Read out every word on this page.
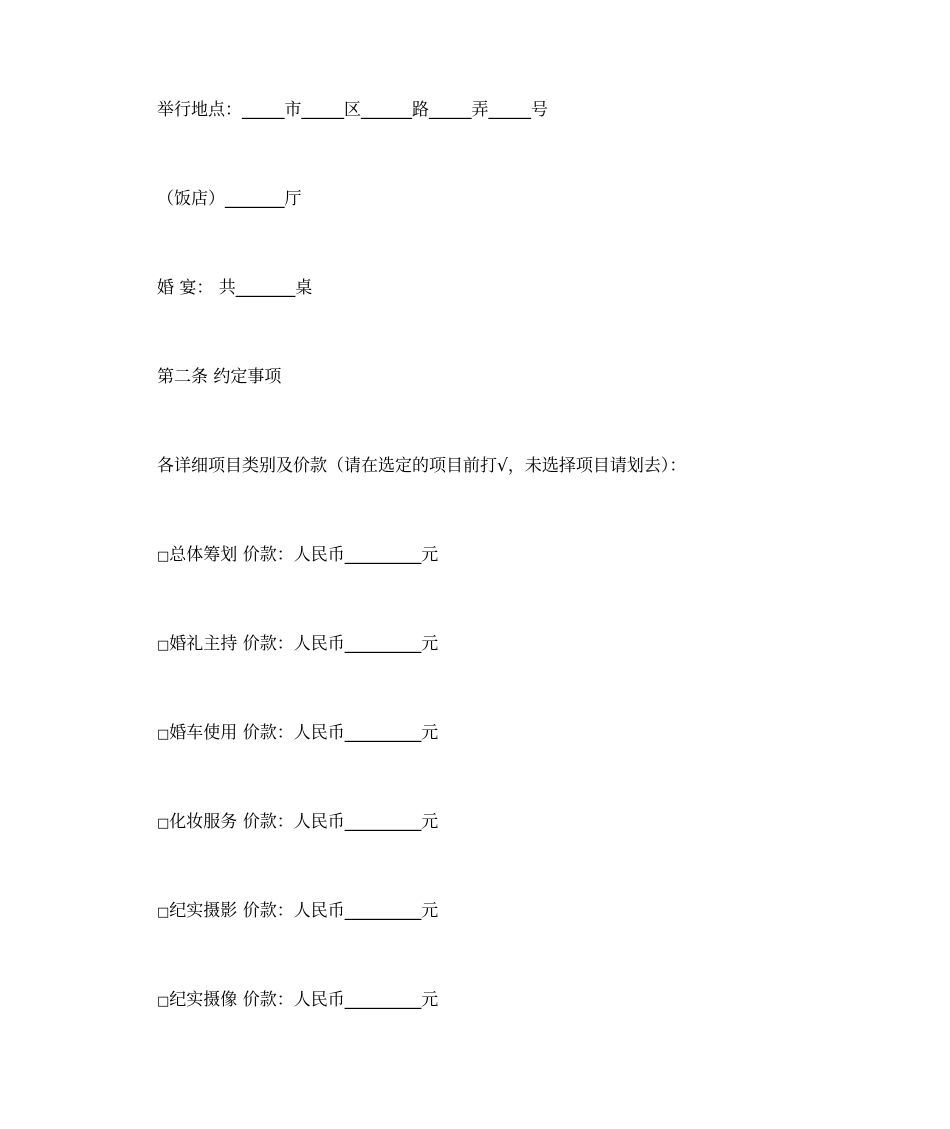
举行地点：_____市_____区______路_____弄_____号
（饭店）_______厅
婚 宴： 共_______桌
第二条 约定事项
各详细项目类别及价款（请在选定的项目前打√，未选择项目请划去）：
□总体筹划 价款：人民币_________元
□婚礼主持 价款：人民币_________元
□婚车使用 价款：人民币_________元
□化妆服务 价款：人民币_________元
□纪实摄影 价款：人民币_________元
□纪实摄像 价款：人民币_________元
